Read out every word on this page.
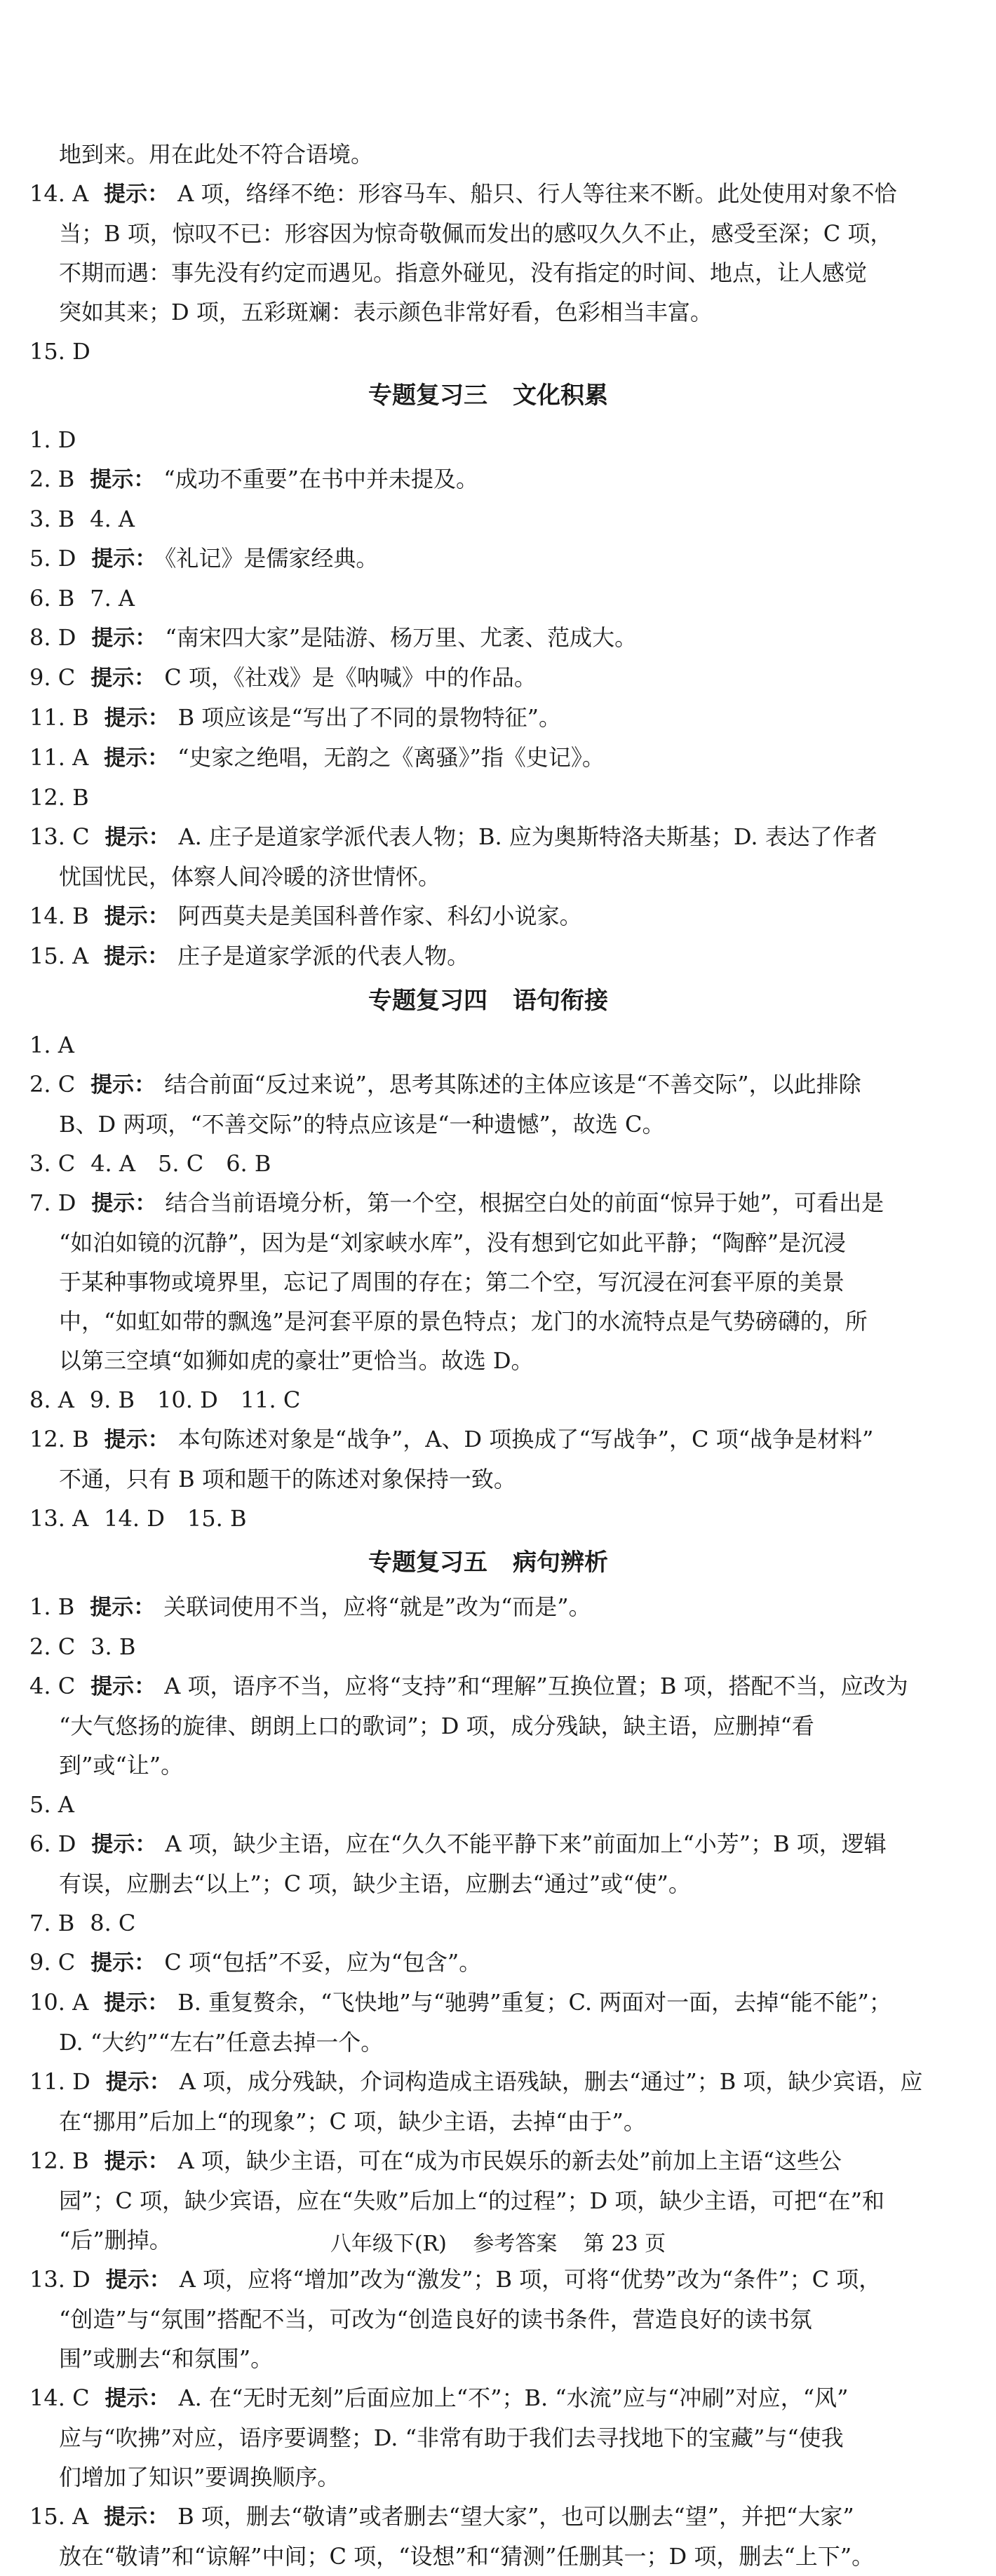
地到来。用在此处不符合语境。
14. A 提示： A 项，络绎不绝：形容马车、船只、行人等往来不断。此处使用对象不恰
当；B 项，惊叹不已：形容因为惊奇敬佩而发出的感叹久久不止，感受至深；C 项，
不期而遇：事先没有约定而遇见。指意外碰见，没有指定的时间、地点，让人感觉
突如其来；D 项，五彩斑斓：表示颜色非常好看，色彩相当丰富。
15. D
专题复习三 文化积累
1. D
2. B 提示： “成功不重要”在书中并未提及。
3. B 4. A
5. D 提示： 《礼记》是儒家经典。
6. B 7. A
8. D 提示： “南宋四大家”是陆游、杨万里、尤袤、范成大。
9. C 提示： C 项，《社戏》是《呐喊》中的作品。
11. B 提示： B 项应该是“写出了不同的景物特征”。
11. A 提示： “史家之绝唱，无韵之《离骚》”指《史记》。
12. B
13. C 提示： A. 庄子是道家学派代表人物；B. 应为奥斯特洛夫斯基；D. 表达了作者
忧国忧民，体察人间冷暖的济世情怀。
14. B 提示： 阿西莫夫是美国科普作家、科幻小说家。
15. A 提示： 庄子是道家学派的代表人物。
专题复习四 语句衔接
1. A
2. C 提示： 结合前面“反过来说”，思考其陈述的主体应该是“不善交际”，以此排除
B、D 两项，“不善交际”的特点应该是“一种遗憾”，故选 C。
3. C 4. A　5. C　6. B
7. D 提示： 结合当前语境分析，第一个空，根据空白处的前面“惊异于她”，可看出是
“如泊如镜的沉静”，因为是“刘家峡水库”，没有想到它如此平静；“陶醉”是沉浸
于某种事物或境界里，忘记了周围的存在；第二个空，写沉浸在河套平原的美景
中，“如虹如带的飘逸”是河套平原的景色特点；龙门的水流特点是气势磅礴的，所
以第三空填“如狮如虎的豪壮”更恰当。故选 D。
8. A 9. B　10. D　11. C
12. B 提示： 本句陈述对象是“战争”，A、D 项换成了“写战争”，C 项“战争是材料”
不通，只有 B 项和题干的陈述对象保持一致。
13. A 14. D　15. B
专题复习五 病句辨析
1. B 提示： 关联词使用不当，应将“就是”改为“而是”。
2. C 3. B
4. C 提示： A 项，语序不当，应将“支持”和“理解”互换位置；B 项，搭配不当，应改为
“大气悠扬的旋律、朗朗上口的歌词”；D 项，成分残缺，缺主语，应删掉“看
到”或“让”。
5. A
6. D 提示： A 项，缺少主语，应在“久久不能平静下来”前面加上“小芳”；B 项，逻辑
有误，应删去“以上”；C 项，缺少主语，应删去“通过”或“使”。
7. B 8. C
9. C 提示： C 项“包括”不妥，应为“包含”。
10. A 提示： B. 重复赘余，“飞快地”与“驰骋”重复；C. 两面对一面，去掉“能不能”；
D. “大约”“左右”任意去掉一个。
11. D 提示： A 项，成分残缺，介词构造成主语残缺，删去“通过”；B 项，缺少宾语，应
在“挪用”后加上“的现象”；C 项，缺少主语，去掉“由于”。
12. B 提示： A 项，缺少主语，可在“成为市民娱乐的新去处”前加上主语“这些公
园”；C 项，缺少宾语，应在“失败”后加上“的过程”；D 项，缺少主语，可把“在”和
“后”删掉。
13. D 提示： A 项，应将“增加”改为“激发”；B 项，可将“优势”改为“条件”；C 项，
“创造”与“氛围”搭配不当，可改为“创造良好的读书条件，营造良好的读书氛
围”或删去“和氛围”。
14. C 提示： A. 在“无时无刻”后面应加上“不”；B. “水流”应与“冲刷”对应，“风”
应与“吹拂”对应，语序要调整；D. “非常有助于我们去寻找地下的宝藏”与“使我
们增加了知识”要调换顺序。
15. A 提示： B 项，删去“敬请”或者删去“望大家”，也可以删去“望”，并把“大家”
放在“敬请”和“谅解”中间；C 项，“设想”和“猜测”任删其一；D 项，删去“上下”。
八年级下(R) 参考答案 第 23 页
